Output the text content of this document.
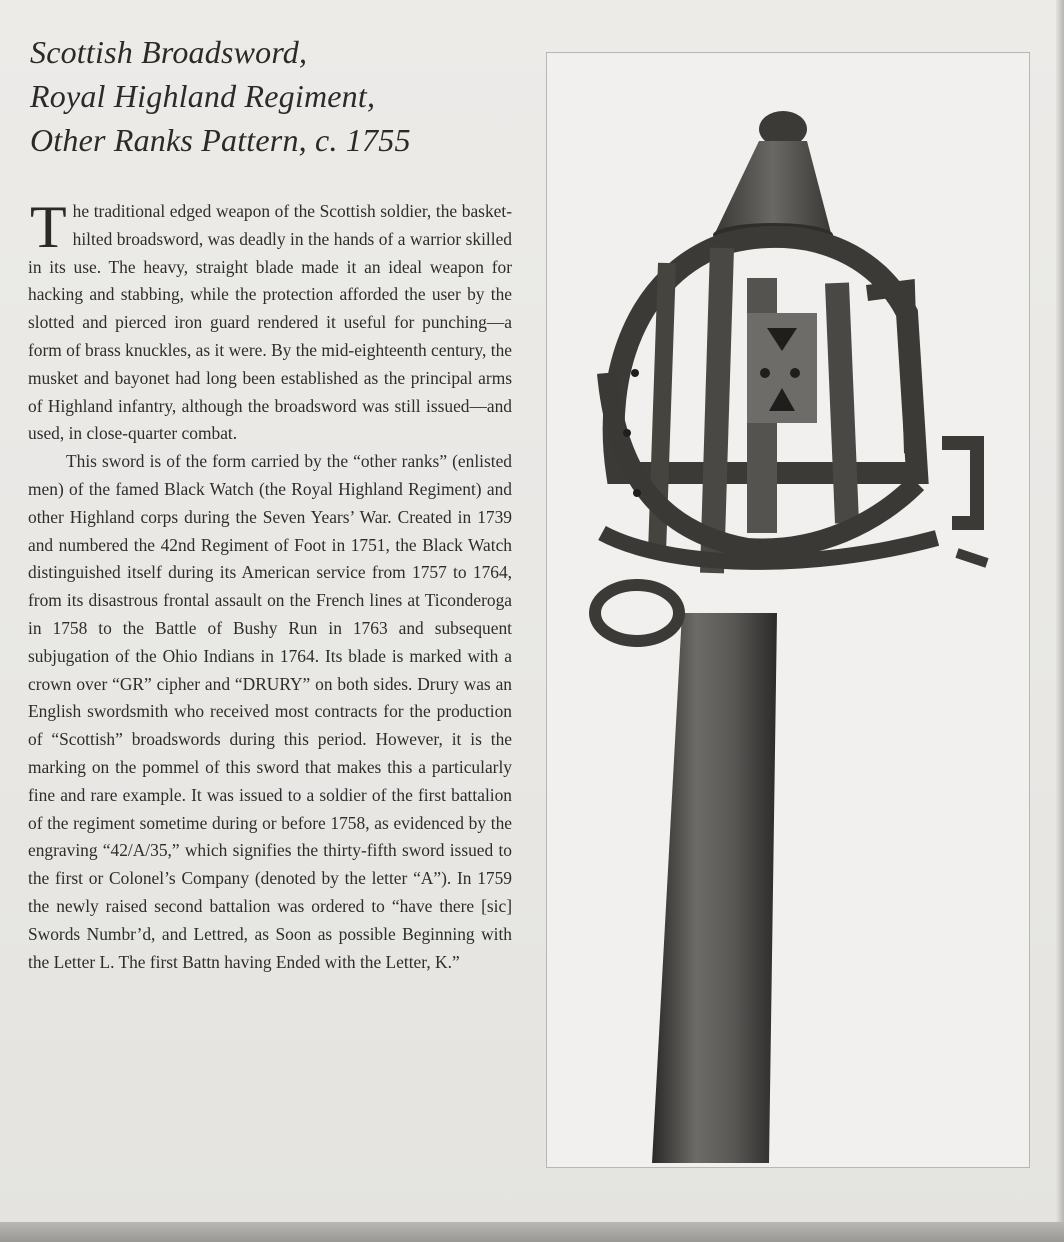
Scottish Broadsword,
Royal Highland Regiment,
Other Ranks Pattern, c. 1755

The traditional edged weapon of the Scottish soldier, the basket-hilted broadsword, was deadly in the hands of a warrior skilled in its use. The heavy, straight blade made it an ideal weapon for hacking and stabbing, while the protection afforded the user by the slotted and pierced iron guard rendered it useful for punching—a form of brass knuckles, as it were. By the mid-eighteenth century, the musket and bayonet had long been established as the principal arms of Highland infantry, although the broadsword was still issued—and used, in close-quarter combat.

This sword is of the form carried by the “other ranks” (enlisted men) of the famed Black Watch (the Royal Highland Regiment) and other Highland corps during the Seven Years’ War. Created in 1739 and numbered the 42nd Regiment of Foot in 1751, the Black Watch distinguished itself during its American service from 1757 to 1764, from its disastrous frontal assault on the French lines at Ticonderoga in 1758 to the Battle of Bushy Run in 1763 and subsequent subjugation of the Ohio Indians in 1764. Its blade is marked with a crown over “GR” cipher and “DRURY” on both sides. Drury was an English swordsmith who received most contracts for the production of “Scottish” broadswords during this period. However, it is the marking on the pommel of this sword that makes this a particularly fine and rare example. It was issued to a soldier of the first battalion of the regiment sometime during or before 1758, as evidenced by the engraving “42/A/35,” which signifies the thirty-fifth sword issued to the first or Colonel’s Company (denoted by the letter “A”). In 1759 the newly raised second battalion was ordered to “have there [sic] Swords Numbr’d, and Lettred, as Soon as possible Beginning with the Letter L. The first Battn having Ended with the Letter, K.”
